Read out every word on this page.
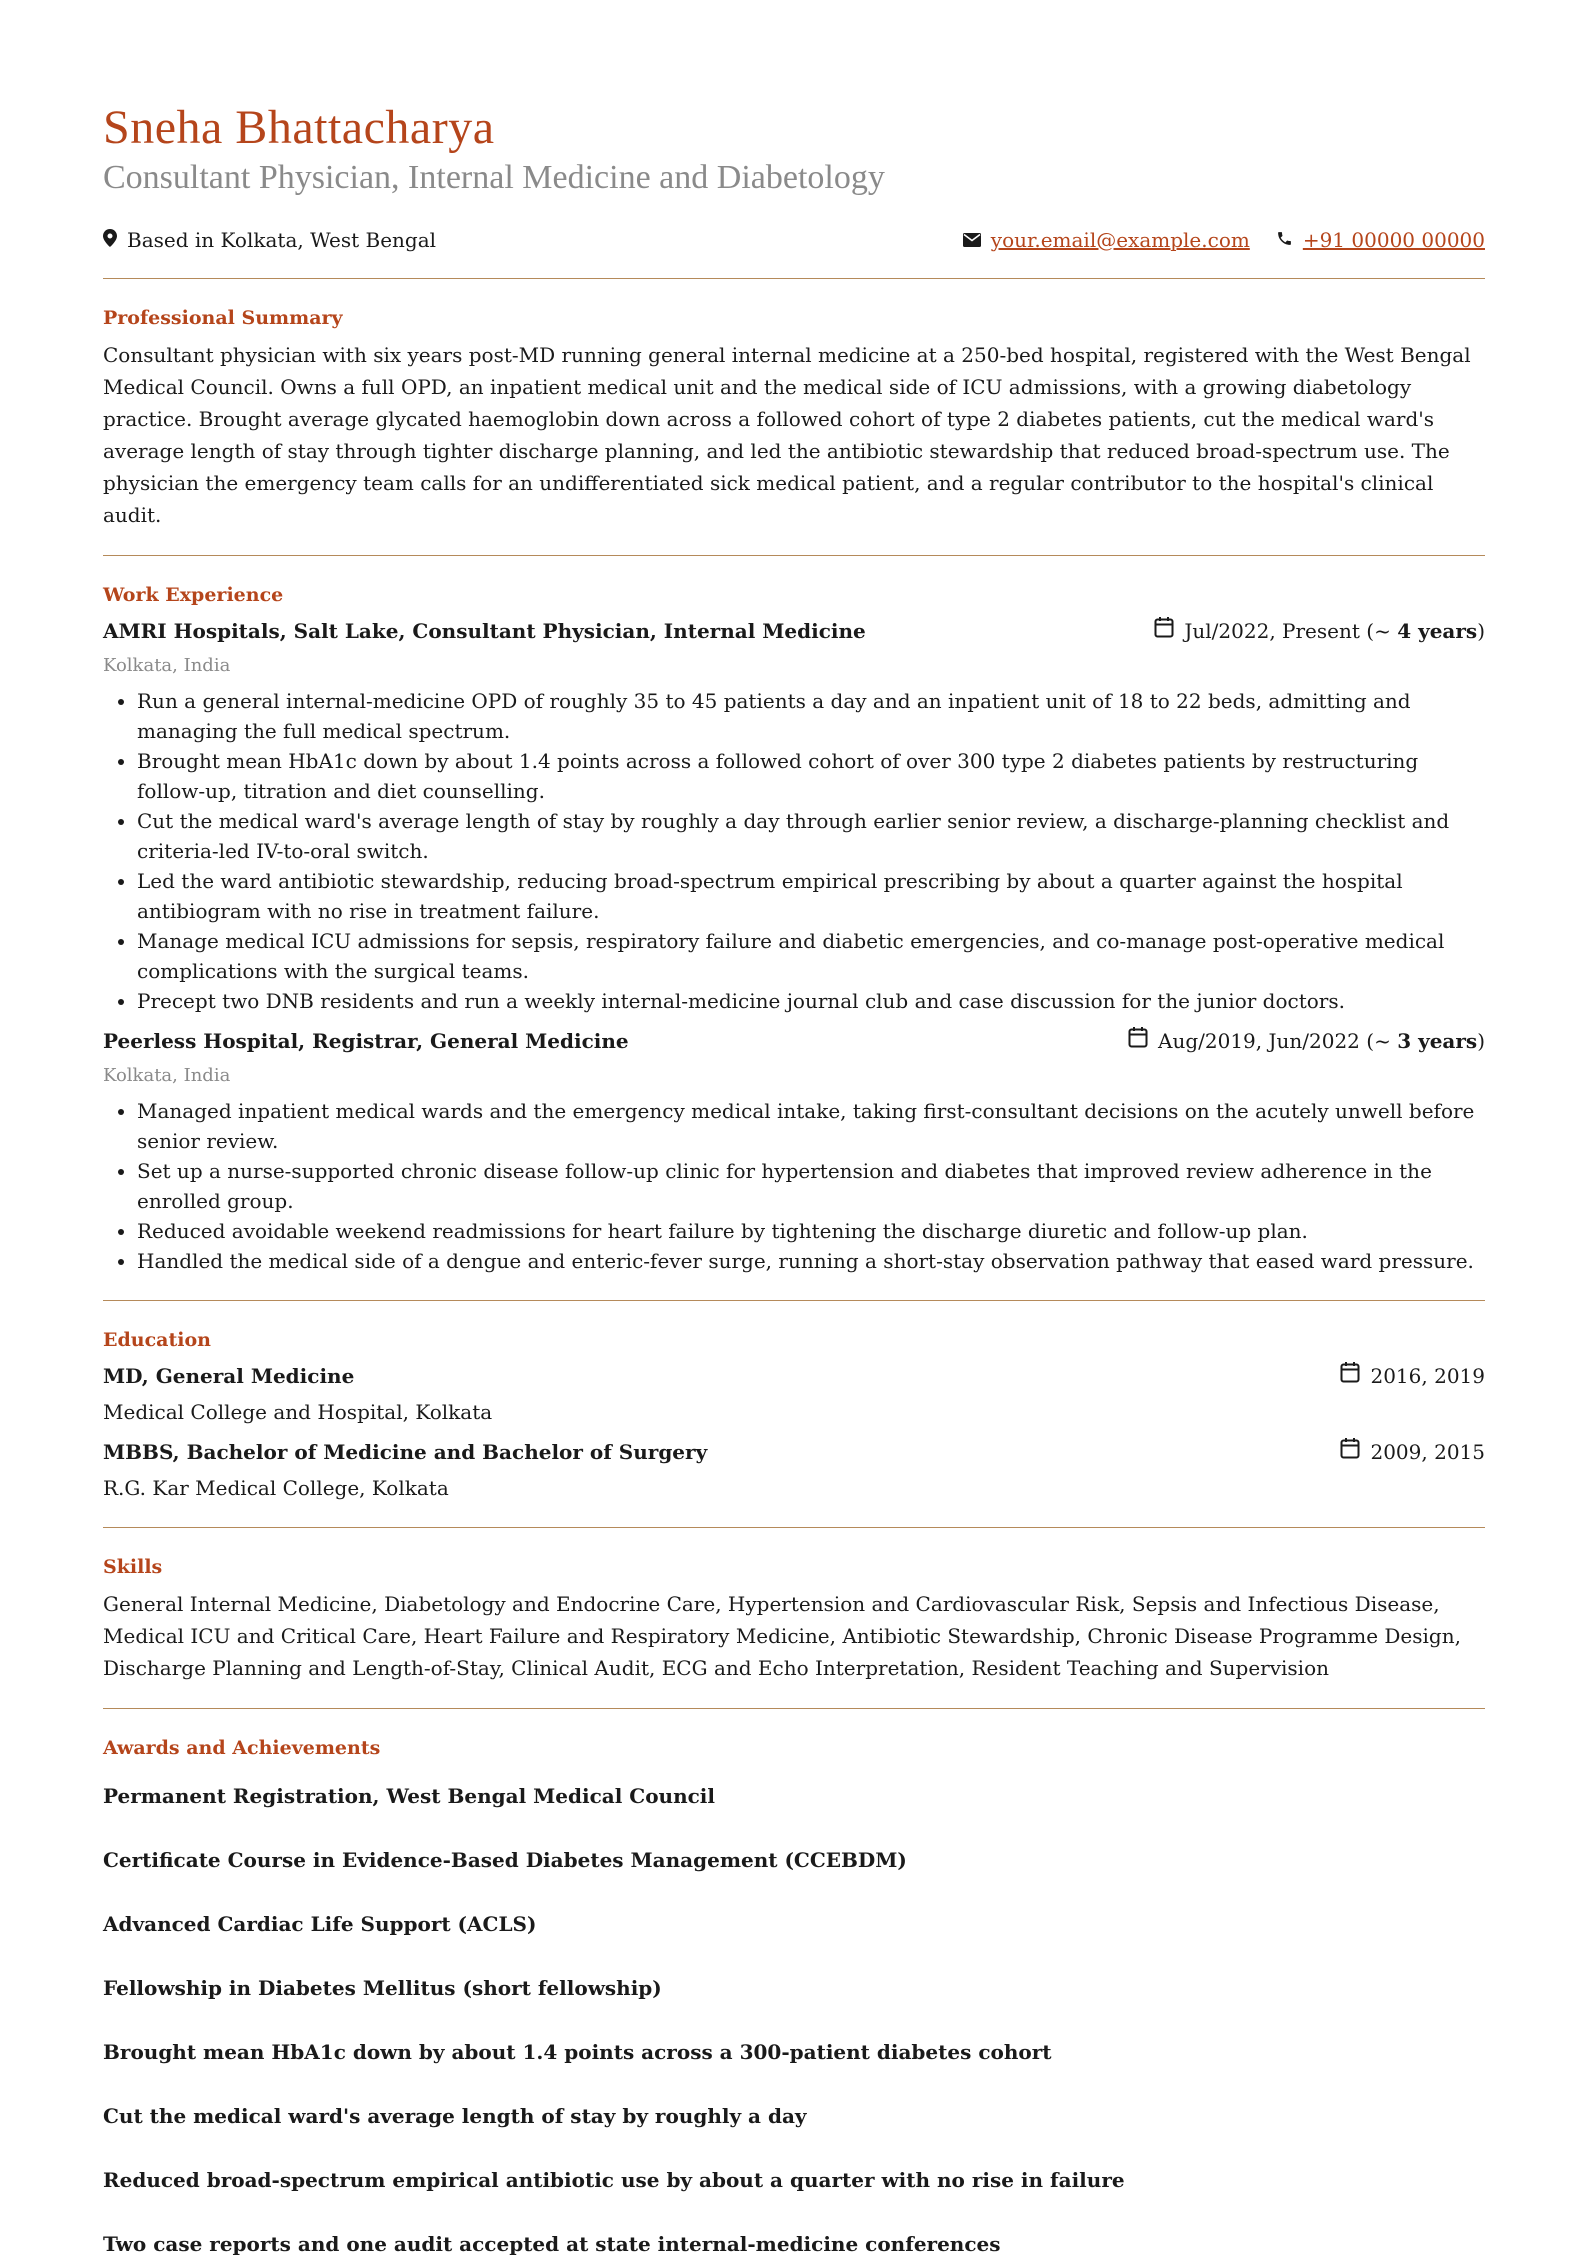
Sneha Bhattacharya
Consultant Physician, Internal Medicine and Diabetology
Based in Kolkata, West Bengal	your.email@example.com	+91 00000 00000
Professional Summary

Consultant physician with six years post-MD running general internal medicine at a 250-bed hospital, registered with the West Bengal Medical Council. Owns a full OPD, an inpatient medical unit and the medical side of ICU admissions, with a growing diabetology practice. Brought average glycated haemoglobin down across a followed cohort of type 2 diabetes patients, cut the medical ward's average length of stay through tighter discharge planning, and led the antibiotic stewardship that reduced broad-spectrum use. The physician the emergency team calls for an undifferentiated sick medical patient, and a regular contributor to the hospital's clinical audit.

Work Experience
AMRI Hospitals, Salt Lake, Consultant Physician, Internal Medicine	Jul/2022, Present (~ 4 years )
Kolkata, India
• Run a general internal-medicine OPD of roughly 35 to 45 patients a day and an inpatient unit of 18 to 22 beds, admitting and managing the full medical spectrum.
• Brought mean HbA1c down by about 1.4 points across a followed cohort of over 300 type 2 diabetes patients by restructuring follow-up, titration and diet counselling.
• Cut the medical ward's average length of stay by roughly a day through earlier senior review, a discharge-planning checklist and criteria-led IV-to-oral switch.
• Led the ward antibiotic stewardship, reducing broad-spectrum empirical prescribing by about a quarter against the hospital antibiogram with no rise in treatment failure.
• Manage medical ICU admissions for sepsis, respiratory failure and diabetic emergencies, and co-manage post-operative medical complications with the surgical teams.
• Precept two DNB residents and run a weekly internal-medicine journal club and case discussion for the junior doctors.
Peerless Hospital, Registrar, General Medicine	Aug/2019, Jun/2022 (~ 3 years )
Kolkata, India
• Managed inpatient medical wards and the emergency medical intake, taking first-consultant decisions on the acutely unwell before senior review.
• Set up a nurse-supported chronic disease follow-up clinic for hypertension and diabetes that improved review adherence in the enrolled group.
• Reduced avoidable weekend readmissions for heart failure by tightening the discharge diuretic and follow-up plan.
• Handled the medical side of a dengue and enteric-fever surge, running a short-stay observation pathway that eased ward pressure.
Education
MD, General Medicine	2016, 2019
Medical College and Hospital, Kolkata
MBBS, Bachelor of Medicine and Bachelor of Surgery	2009, 2015
R.G. Kar Medical College, Kolkata
Skills

General Internal Medicine, Diabetology and Endocrine Care, Hypertension and Cardiovascular Risk, Sepsis and Infectious Disease, Medical ICU and Critical Care, Heart Failure and Respiratory Medicine, Antibiotic Stewardship, Chronic Disease Programme Design, Discharge Planning and Length-of-Stay, Clinical Audit, ECG and Echo Interpretation, Resident Teaching and Supervision

Awards and Achievements
Permanent Registration, West Bengal Medical Council
Certificate Course in Evidence-Based Diabetes Management (CCEBDM)
Advanced Cardiac Life Support (ACLS)
Fellowship in Diabetes Mellitus (short fellowship)
Brought mean HbA1c down by about 1.4 points across a 300-patient diabetes cohort
Cut the medical ward's average length of stay by roughly a day
Reduced broad-spectrum empirical antibiotic use by about a quarter with no rise in failure
Two case reports and one audit accepted at state internal-medicine conferences
